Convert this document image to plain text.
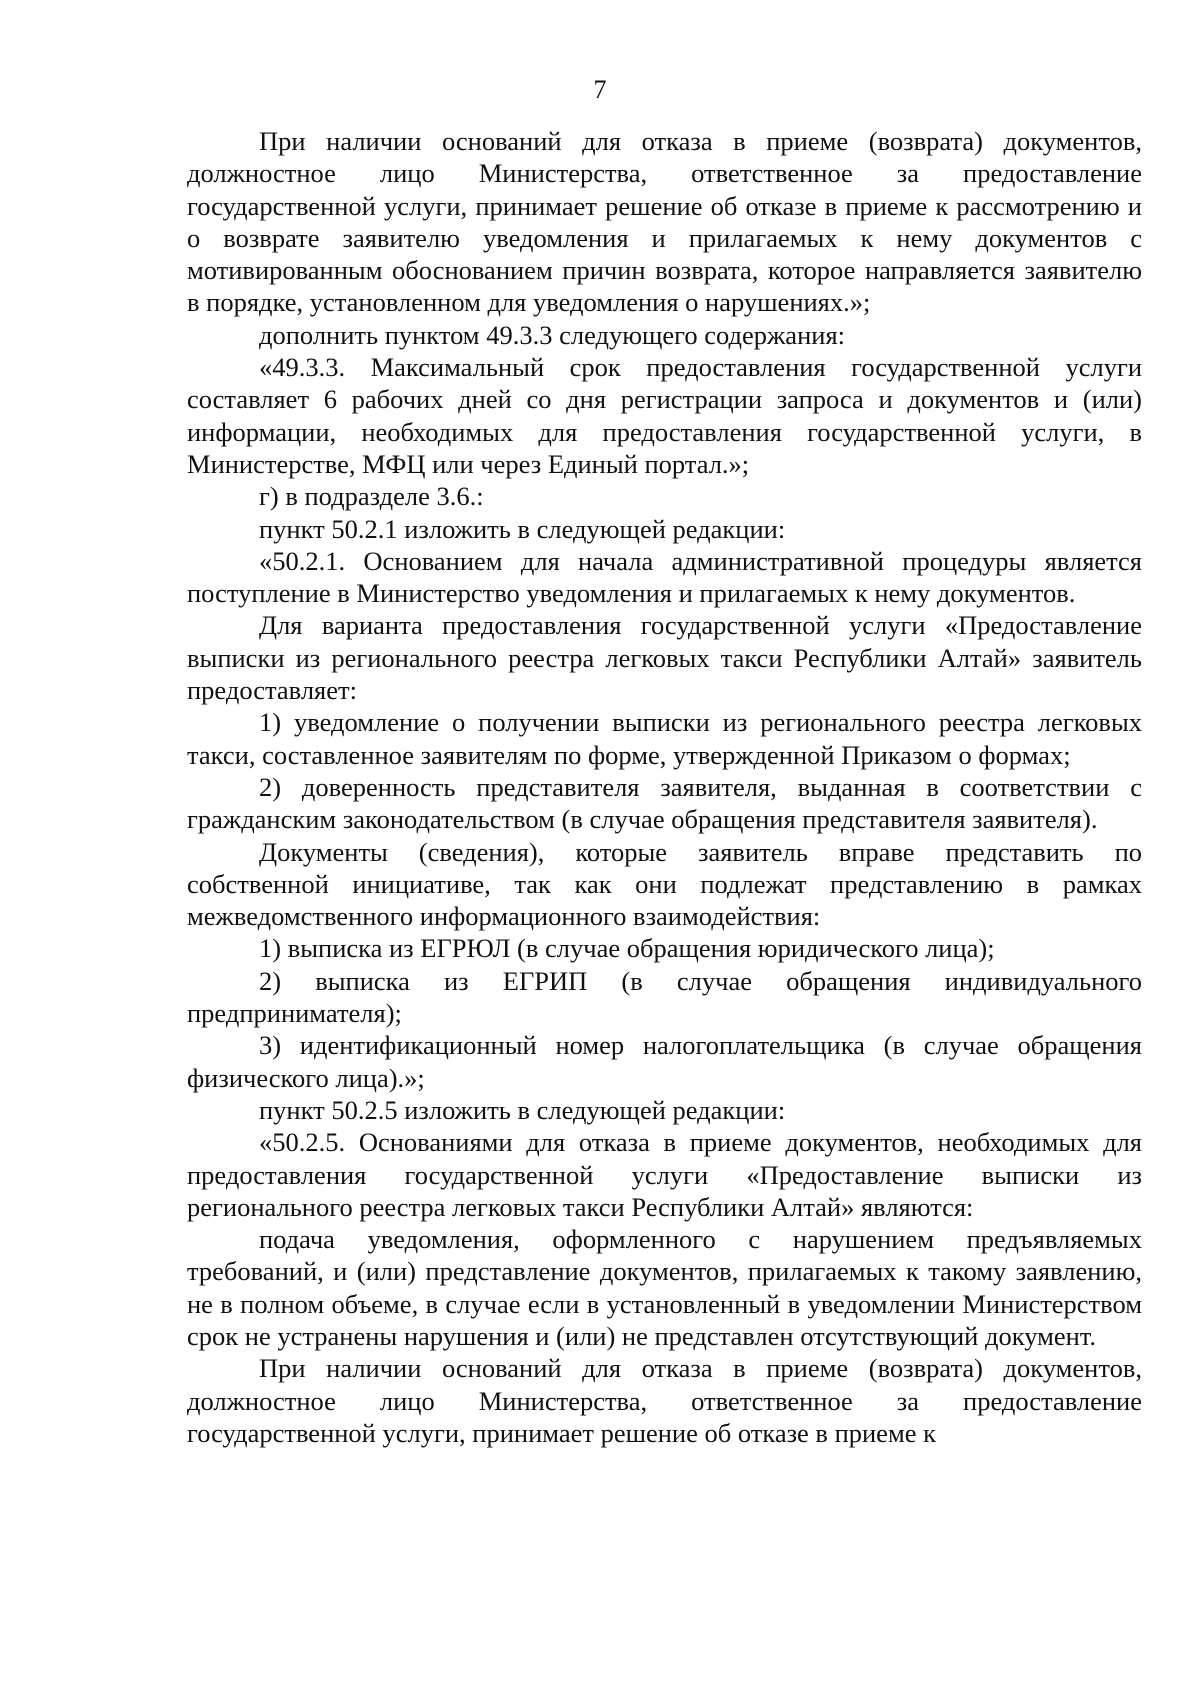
7

При наличии оснований для отказа в приеме (возврата) документов, должностное лицо Министерства, ответственное за предоставление государственной услуги, принимает решение об отказе в приеме к рассмотрению и о возврате заявителю уведомления и прилагаемых к нему документов с мотивированным обоснованием причин возврата, которое направляется заявителю в порядке, установленном для уведомления о нарушениях.»;

дополнить пунктом 49.3.3 следующего содержания:

«49.3.3. Максимальный срок предоставления государственной услуги составляет 6 рабочих дней со дня регистрации запроса и документов и (или) информации, необходимых для предоставления государственной услуги, в Министерстве, МФЦ или через Единый портал.»;

г) в подразделе 3.6.:

пункт 50.2.1 изложить в следующей редакции:

«50.2.1. Основанием для начала административной процедуры является поступление в Министерство уведомления и прилагаемых к нему документов.

Для варианта предоставления государственной услуги «Предоставление выписки из регионального реестра легковых такси Республики Алтай» заявитель предоставляет:

1) уведомление о получении выписки из регионального реестра легковых такси, составленное заявителям по форме, утвержденной Приказом о формах;

2) доверенность представителя заявителя, выданная в соответствии с гражданским законодательством (в случае обращения представителя заявителя).

Документы (сведения), которые заявитель вправе представить по собственной инициативе, так как они подлежат представлению в рамках межведомственного информационного взаимодействия:

1) выписка из ЕГРЮЛ (в случае обращения юридического лица);

2) выписка из ЕГРИП (в случае обращения индивидуального предпринимателя);

3) идентификационный номер налогоплательщика (в случае обращения физического лица).»;

пункт 50.2.5 изложить в следующей редакции:

«50.2.5. Основаниями для отказа в приеме документов, необходимых для предоставления государственной услуги «Предоставление выписки из регионального реестра легковых такси Республики Алтай» являются:

подача уведомления, оформленного с нарушением предъявляемых требований, и (или) представление документов, прилагаемых к такому заявлению, не в полном объеме, в случае если в установленный в уведомлении Министерством срок не устранены нарушения и (или) не представлен отсутствующий документ.

При наличии оснований для отказа в приеме (возврата) документов, должностное лицо Министерства, ответственное за предоставление государственной услуги, принимает решение об отказе в приеме к
